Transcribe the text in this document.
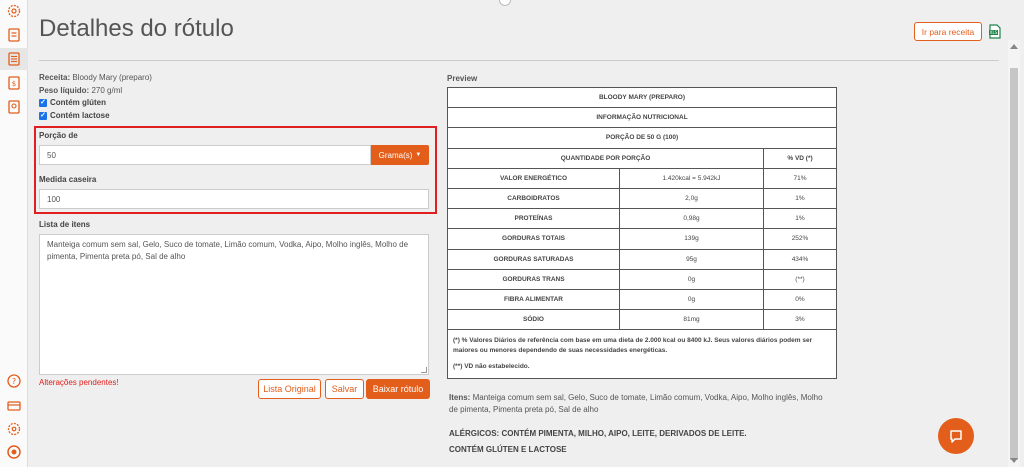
$
?
Detalhes do rótulo	Ir para receita	XLS
Receita: Bloody Mary (preparo)
Peso líquido: 270 g/ml
✓ Contém glúten
✓ Contém lactose
Porção de
50	Grama(s) ▼
Medida caseira
100
Lista de itens
Manteiga comum sem sal, Gelo, Suco de tomate, Limão comum, Vodka, Aipo, Molho inglês, Molho de pimenta, Pimenta preta pó, Sal de alho
Alterações pendentes!
Lista Original	Salvar	Baixar rótulo
Preview
BLOODY MARY (PREPARO)
INFORMAÇÃO NUTRICIONAL
PORÇÃO DE 50 G (100)
QUANTIDADE POR PORÇÃO	% VD (*)
VALOR ENERGÉTICO	1.420kcal = 5.942kJ	71%
CARBOIDRATOS	2,0g	1%
PROTEÍNAS	0,98g	1%
GORDURAS TOTAIS	139g	252%
GORDURAS SATURADAS	95g	434%
GORDURAS TRANS	0g	(**)
FIBRA ALIMENTAR	0g	0%
SÓDIO	81mg	3%

(*) % Valores Diários de referência com base em uma dieta de 2.000 kcal ou 8400 kJ. Seus valores diários podem ser maiores ou menores dependendo de suas necessidades energéticas.

(**) VD não estabelecido.

Itens: Manteiga comum sem sal, Gelo, Suco de tomate, Limão comum, Vodka, Aipo, Molho inglês, Molho de pimenta, Pimenta preta pó, Sal de alho
ALÉRGICOS: CONTÉM PIMENTA, MILHO, AIPO, LEITE, DERIVADOS DE LEITE.
CONTÉM GLÚTEN E LACTOSE
